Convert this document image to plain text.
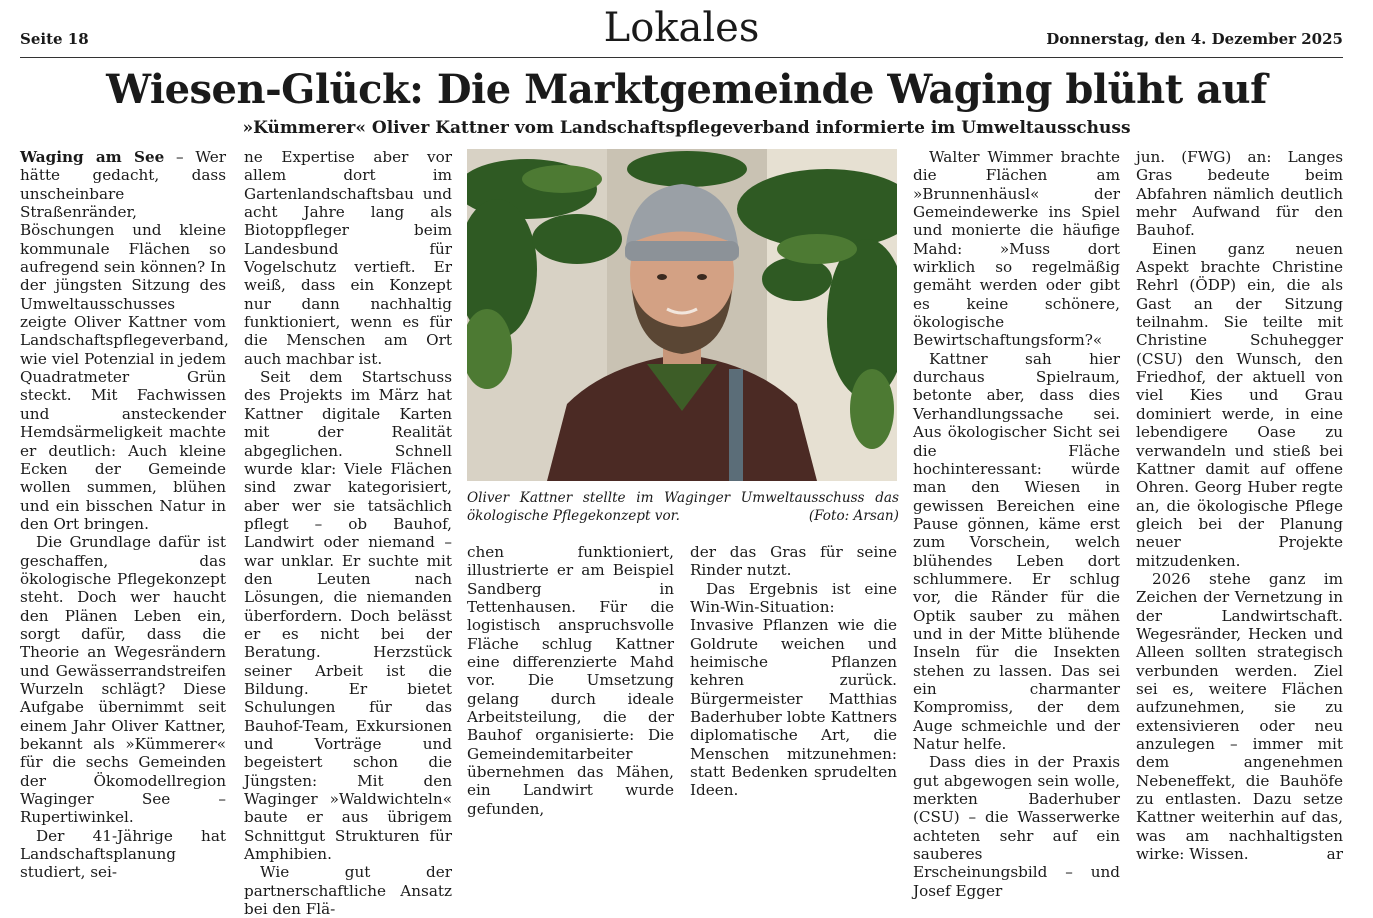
Seite 18	Lokales	Donnerstag, den 4. Dezember 2025
Wiesen-Glück: Die Marktgemeinde Waging blüht auf
»Kümmerer« Oliver Kattner vom Landschaftspflegeverband informierte im Umweltausschuss

Waging am See – Wer hätte gedacht, dass unscheinbare Straßenränder, Böschungen und kleine kommunale Flächen so aufregend sein können? In der jüngsten Sitzung des Umweltausschusses zeigte Oliver Kattner vom Landschaftspflegeverband, wie viel Potenzial in jedem Quadratmeter Grün steckt. Mit Fachwissen und ansteckender Hemdsärmeligkeit machte er deutlich: Auch kleine Ecken der Gemeinde wollen summen, blühen und ein bisschen Natur in den Ort bringen.

Die Grundlage dafür ist geschaffen, das ökologische Pflegekonzept steht. Doch wer haucht den Plänen Leben ein, sorgt dafür, dass die Theorie an Wegesrändern und Gewässerrandstreifen Wurzeln schlägt? Diese Aufgabe übernimmt seit einem Jahr Oliver Kattner, bekannt als »Kümmerer« für die sechs Gemeinden der Ökomodellregion Waginger See – Rupertiwinkel.

Der 41-Jährige hat Landschaftsplanung studiert, sei-

ne Expertise aber vor allem dort im Gartenlandschaftsbau und acht Jahre lang als Biotoppfleger beim Landesbund für Vogelschutz vertieft. Er weiß, dass ein Konzept nur dann nachhaltig funktioniert, wenn es für die Menschen am Ort auch machbar ist.

Seit dem Startschuss des Projekts im März hat Kattner digitale Karten mit der Realität abgeglichen. Schnell wurde klar: Viele Flächen sind zwar kategorisiert, aber wer sie tatsächlich pflegt – ob Bauhof, Landwirt oder niemand – war unklar. Er suchte mit den Leuten nach Lösungen, die niemanden überfordern. Doch belässt er es nicht bei der Beratung. Herzstück seiner Arbeit ist die Bildung. Er bietet Schulungen für das Bauhof-Team, Exkursionen und Vorträge und begeistert schon die Jüngsten: Mit den Waginger »Waldwichteln« baute er aus übrigem Schnittgut Strukturen für Amphibien.

Wie gut der partnerschaftliche Ansatz bei den Flä-

Oliver Kattner stellte im Waginger Umweltausschuss das ökologische Pflegekonzept vor.	(Foto: Arsan)

chen funktioniert, illustrierte er am Beispiel Sandberg in Tettenhausen. Für die logistisch anspruchsvolle Fläche schlug Kattner eine differenzierte Mahd vor. Die Umsetzung gelang durch ideale Arbeitsteilung, die der Bauhof organisierte: Die Gemeindemitarbeiter übernehmen das Mähen, ein Landwirt wurde gefunden,

der das Gras für seine Rinder nutzt.

Das Ergebnis ist eine Win-Win-Situation: Invasive Pflanzen wie die Goldrute weichen und heimische Pflanzen kehren zurück. Bürgermeister Matthias Baderhuber lobte Kattners diplomatische Art, die Menschen mitzunehmen: statt Bedenken sprudelten Ideen.

Walter Wimmer brachte die Flächen am »Brunnenhäusl« der Gemeindewerke ins Spiel und monierte die häufige Mahd: »Muss dort wirklich so regelmäßig gemäht werden oder gibt es keine schönere, ökologische Bewirtschaftungsform?«

Kattner sah hier durchaus Spielraum, betonte aber, dass dies Verhandlungssache sei. Aus ökologischer Sicht sei die Fläche hochinteressant: würde man den Wiesen in gewissen Bereichen eine Pause gönnen, käme erst zum Vorschein, welch blühendes Leben dort schlummere. Er schlug vor, die Ränder für die Optik sauber zu mähen und in der Mitte blühende Inseln für die Insekten stehen zu lassen. Das sei ein charmanter Kompromiss, der dem Auge schmeichle und der Natur helfe.

Dass dies in der Praxis gut abgewogen sein wolle, merkten Baderhuber (CSU) – die Wasserwerke achteten sehr auf ein sauberes Erscheinungsbild – und Josef Egger

jun. (FWG) an: Langes Gras bedeute beim Abfahren nämlich deutlich mehr Aufwand für den Bauhof.

Einen ganz neuen Aspekt brachte Christine Rehrl (ÖDP) ein, die als Gast an der Sitzung teilnahm. Sie teilte mit Christine Schuhegger (CSU) den Wunsch, den Friedhof, der aktuell von viel Kies und Grau dominiert werde, in eine lebendigere Oase zu verwandeln und stieß bei Kattner damit auf offene Ohren. Georg Huber regte an, die ökologische Pflege gleich bei der Planung neuer Projekte mitzudenken.

2026 stehe ganz im Zeichen der Vernetzung in der Landwirtschaft. Wegesränder, Hecken und Alleen sollten strategisch verbunden werden. Ziel sei es, weitere Flächen aufzunehmen, sie zu extensivieren oder neu anzulegen – immer mit dem angenehmen Nebeneffekt, die Bauhöfe zu entlasten. Dazu setze Kattner weiterhin auf das, was am nachhaltigsten wirke: Wissen.	ar
